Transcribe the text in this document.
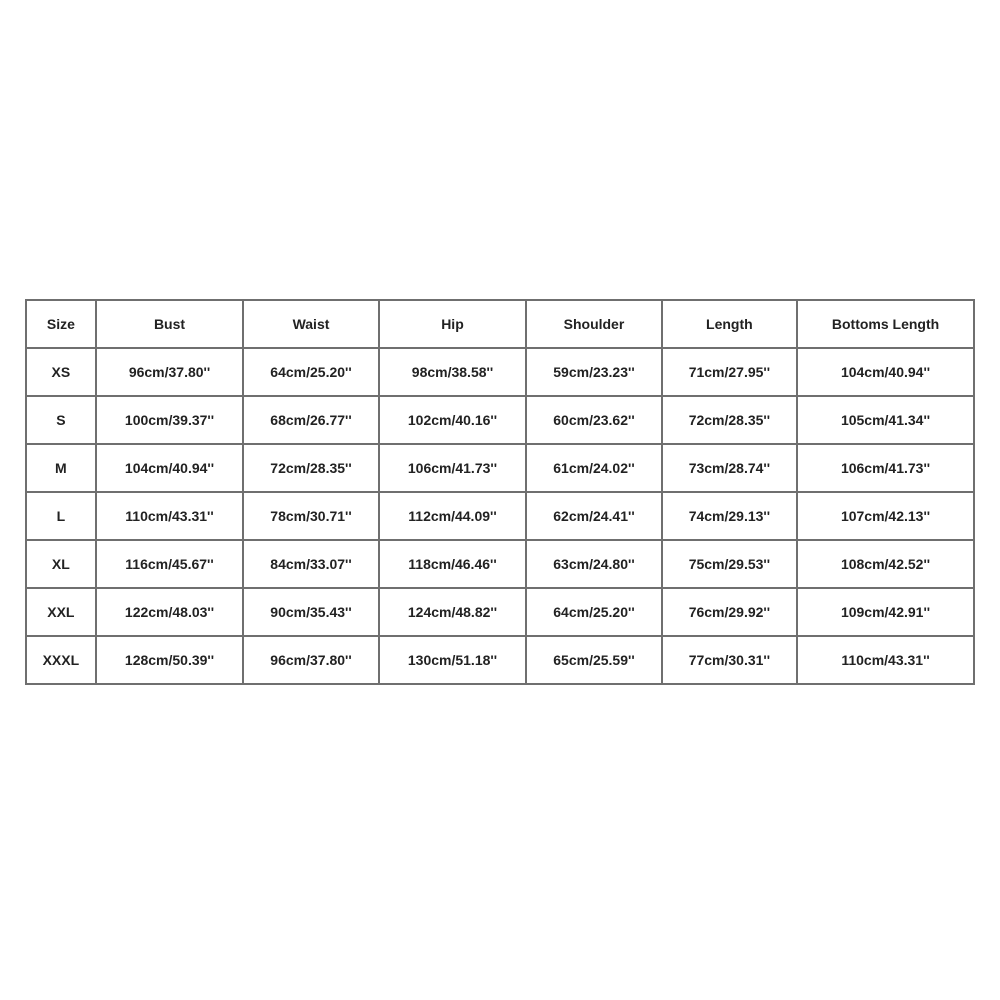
Size	Bust	Waist	Hip	Shoulder	Length	Bottoms Length
XS	96cm/37.80''	64cm/25.20''	98cm/38.58''	59cm/23.23''	71cm/27.95''	104cm/40.94''
S	100cm/39.37''	68cm/26.77''	102cm/40.16''	60cm/23.62''	72cm/28.35''	105cm/41.34''
M	104cm/40.94''	72cm/28.35''	106cm/41.73''	61cm/24.02''	73cm/28.74''	106cm/41.73''
L	110cm/43.31''	78cm/30.71''	112cm/44.09''	62cm/24.41''	74cm/29.13''	107cm/42.13''
XL	116cm/45.67''	84cm/33.07''	118cm/46.46''	63cm/24.80''	75cm/29.53''	108cm/42.52''
XXL	122cm/48.03''	90cm/35.43''	124cm/48.82''	64cm/25.20''	76cm/29.92''	109cm/42.91''
XXXL	128cm/50.39''	96cm/37.80''	130cm/51.18''	65cm/25.59''	77cm/30.31''	110cm/43.31''
